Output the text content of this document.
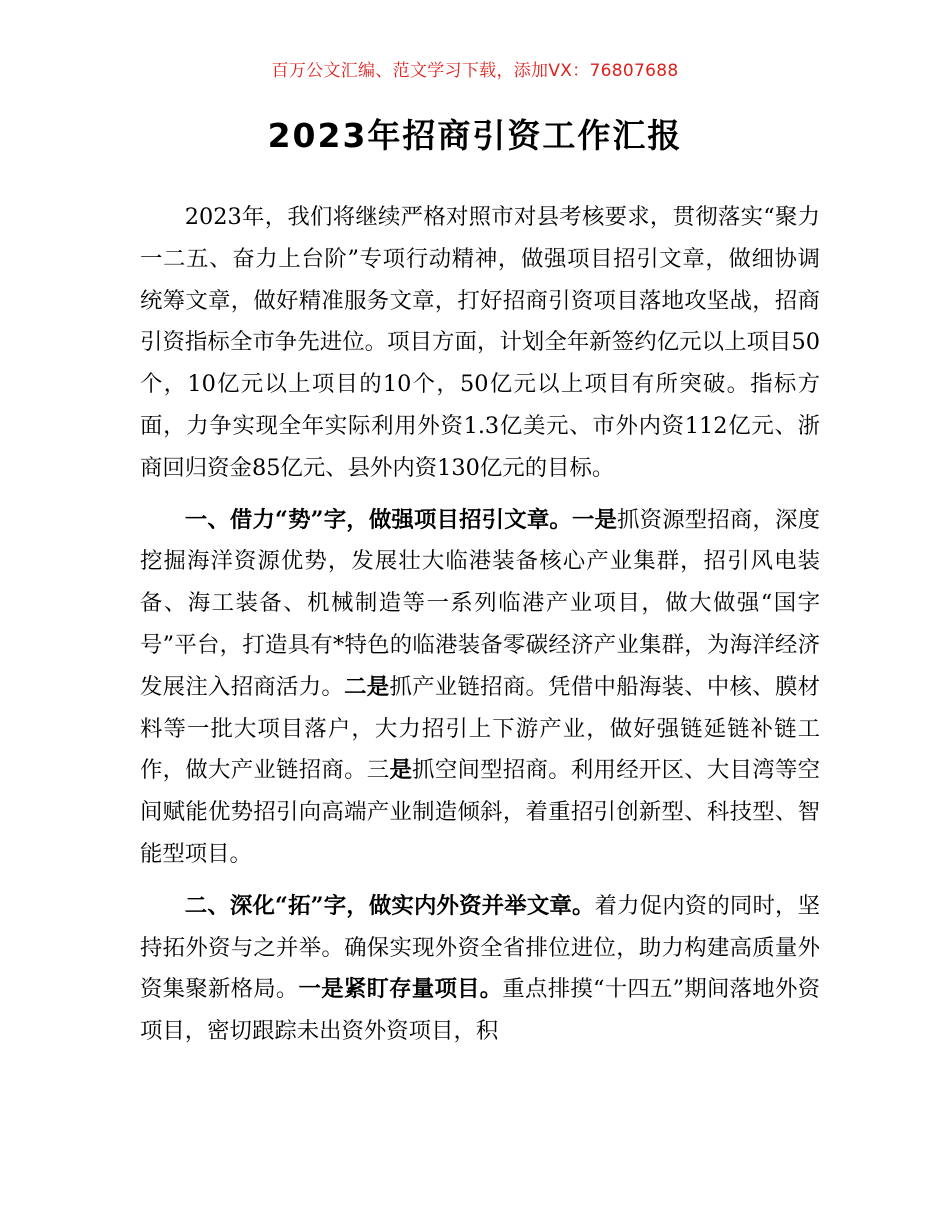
百万公文汇编、范文学习下载，添加VX：76807688
2023年招商引资工作汇报

2023年，我们将继续严格对照市对县考核要求，贯彻落实“聚力一二五、奋力上台阶”专项行动精神，做强项目招引文章，做细协调统筹文章，做好精准服务文章，打好招商引资项目落地攻坚战，招商引资指标全市争先进位。项目方面，计划全年新签约亿元以上项目50个，10亿元以上项目的10个，50亿元以上项目有所突破。指标方面，力争实现全年实际利用外资1.3亿美元、市外内资112亿元、浙商回归资金85亿元、县外内资130亿元的目标。

一、借力“势”字，做强项目招引文章。一是抓资源型招商，深度挖掘海洋资源优势，发展壮大临港装备核心产业集群，招引风电装备、海工装备、机械制造等一系列临港产业项目，做大做强“国字号”平台，打造具有*特色的临港装备零碳经济产业集群，为海洋经济发展注入招商活力。二是抓产业链招商。凭借中船海装、中核、膜材料等一批大项目落户，大力招引上下游产业，做好强链延链补链工作，做大产业链招商。三是抓空间型招商。利用经开区、大目湾等空间赋能优势招引向高端产业制造倾斜，着重招引创新型、科技型、智能型项目。

二、深化“拓”字，做实内外资并举文章。着力促内资的同时，坚持拓外资与之并举。确保实现外资全省排位进位，助力构建高质量外资集聚新格局。一是紧盯存量项目。重点排摸“十四五”期间落地外资项目，密切跟踪未出资外资项目，积
